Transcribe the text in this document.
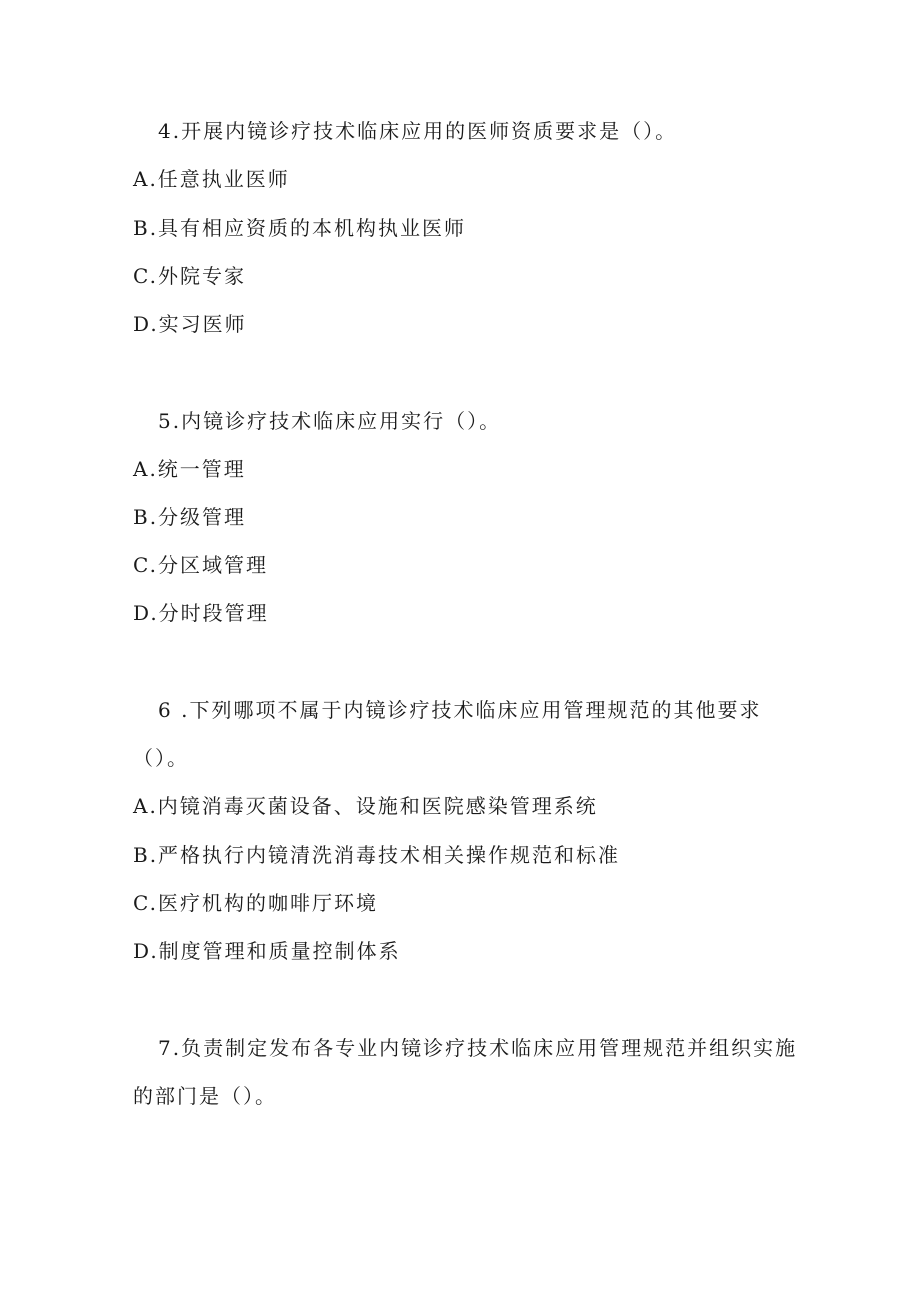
4.开展内镜诊疗技术临床应用的医师资质要求是（）。
A.任意执业医师
B.具有相应资质的本机构执业医师
C.外院专家
D.实习医师
5.内镜诊疗技术临床应用实行（）。
A.统一管理
B.分级管理
C.分区域管理
D.分时段管理
6 .下列哪项不属于内镜诊疗技术临床应用管理规范的其他要求
（）。
A.内镜消毒灭菌设备、设施和医院感染管理系统
B.严格执行内镜清洗消毒技术相关操作规范和标准
C.医疗机构的咖啡厅环境
D.制度管理和质量控制体系
7.负责制定发布各专业内镜诊疗技术临床应用管理规范并组织实施
的部门是（）。
